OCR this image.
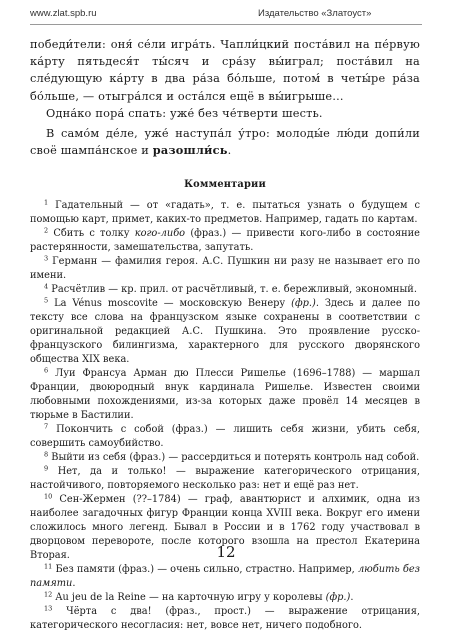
www.zlat.spb.ru	Издательство «Златоуст»

победи́тели: оня́ се́ли игра́ть. Чапли́цкий поста́вил на пе́рвую ка́рту пятьдеся́т ты́сяч и сра́зу вы́играл; поста́вил на сле́дующую ка́рту в два ра́за бо́льше, потом́ в четы́ре ра́за бо́льше, — отыгра́лся и оста́лся ещё в вы́игрыше…

Одна́ко пора́ спать: уже́ без че́тверти шесть.

В само́м де́ле, уже́ наступа́л у́тро: молоды́е лю́ди допи́ли своё шампа́нское и разошли́сь.

Комментарии

$^1$ Гадательный — от «гадать», т. е. пытаться узнать о будущем с помощью карт, примет, каких-то предметов. Например, гадать по картам.

$^2$ Сбить с толку кого-либо (фраз.) — привести кого-либо в состояние растерянности, замешательства, запутать.

$^3$ Германн — фамилия героя. А.С. Пушкин ни разу не называет его по имени.

$^4$ Расчётлив — кр. прил. от расчётливый, т. е. бережливый, экономный.

$^5$ La Vénus moscovite — московскую Венеру (фр.). Здесь и далее по тексту все слова на французском языке сохранены в соответствии с оригинальной редакцией А.С. Пушкина. Это проявление русско-французского билингизма, характерного для русского дворянского общества XIX века.

$^6$ Луи Франсуа Арман дю Плесси Ришелье (1696–1788) — маршал Франции, двоюродный внук кардинала Ришелье. Известен своими любовными похождениями, из-за которых даже провёл 14 месяцев в тюрьме в Бастилии.

$^7$ Покончить с собой (фраз.) — лишить себя жизни, убить себя, совершить самоубийство.

$^8$ Выйти из себя (фраз.) — рассердиться и потерять контроль над собой.

$^9$ Нет, да и только! — выражение категорического отрицания, настойчивого, повторяемого несколько раз: нет и ещё раз нет.

$^{10}$ Сен-Жермен (??–1784) — граф, авантюрист и алхимик, одна из наиболее загадочных фигур Франции конца XVIII века. Вокруг его имени сложилось много легенд. Бывал в России и в 1762 году участвовал в дворцовом перевороте, после которого взошла на престол Екатерина Вторая.

$^{11}$ Без памяти (фраз.) — очень сильно, страстно. Например, любить без памяти.

$^{12}$ Au jeu de la Reine — на карточную игру у королевы (фр.).

$^{13}$ Чёрта с два! (фраз., прост.) — выражение отрицания, категорического несогласия: нет, вовсе нет, ничего подобного.

12
